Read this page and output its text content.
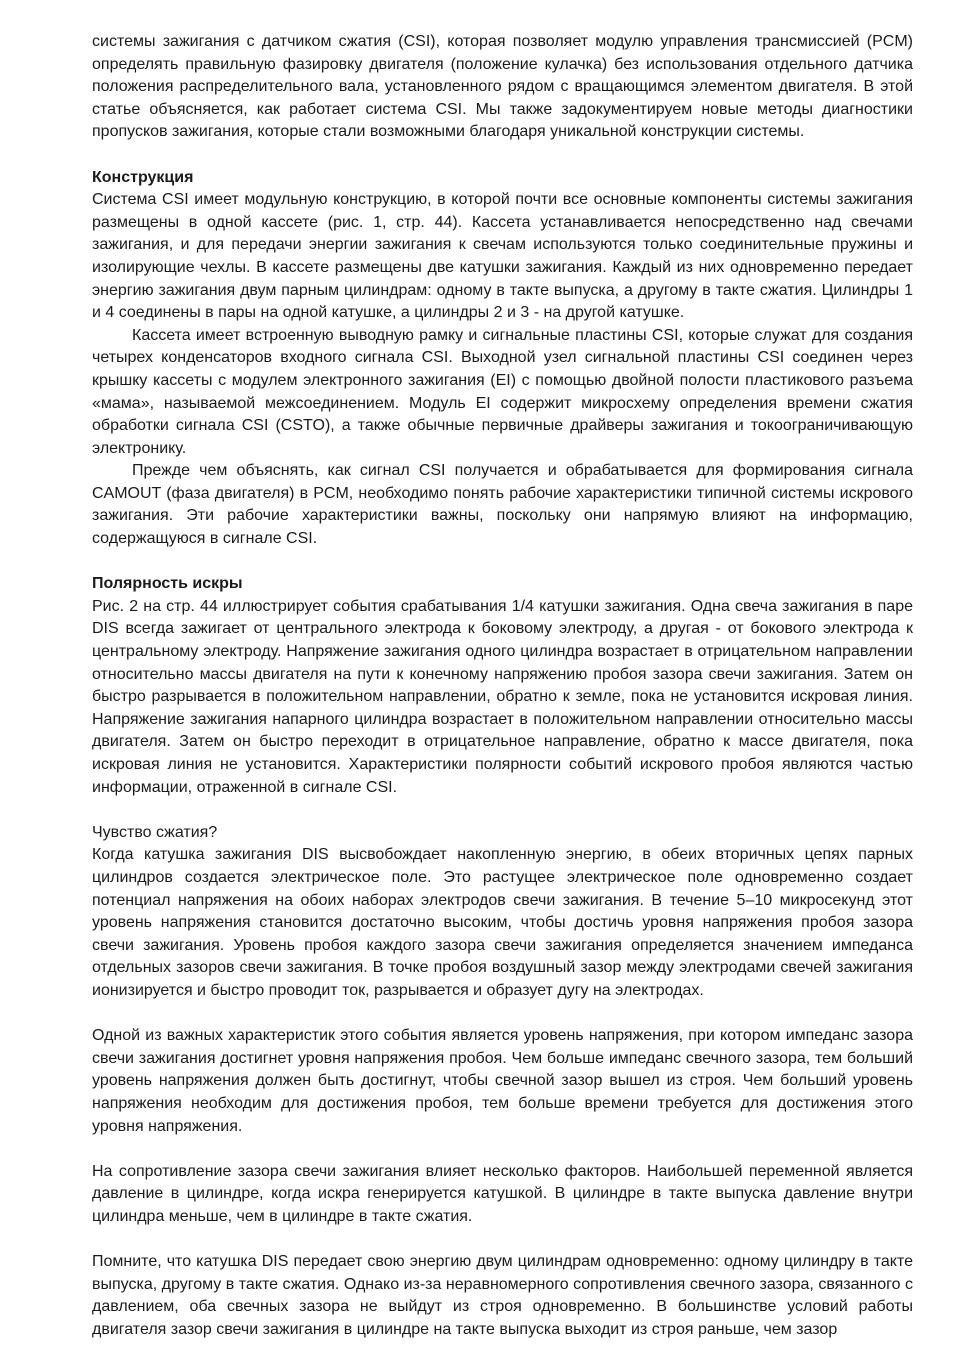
системы зажигания с датчиком сжатия (CSI), которая позволяет модулю управления трансмиссией (PCM) определять правильную фазировку двигателя (положение кулачка) без использования отдельного датчика положения распределительного вала, установленного рядом с вращающимся элементом двигателя. В этой статье объясняется, как работает система CSI. Мы также задокументируем новые методы диагностики пропусков зажигания, которые стали возможными благодаря уникальной конструкции системы.

Конструкция

Система CSI имеет модульную конструкцию, в которой почти все основные компоненты системы зажигания размещены в одной кассете (рис. 1, стр. 44). Кассета устанавливается непосредственно над свечами зажигания, и для передачи энергии зажигания к свечам используются только соединительные пружины и изолирующие чехлы. В кассете размещены две катушки зажигания. Каждый из них одновременно передает энергию зажигания двум парным цилиндрам: одному в такте выпуска, а другому в такте сжатия. Цилиндры 1 и 4 соединены в пары на одной катушке, а цилиндры 2 и 3 - на другой катушке.

Кассета имеет встроенную выводную рамку и сигнальные пластины CSI, которые служат для создания четырех конденсаторов входного сигнала CSI. Выходной узел сигнальной пластины CSI соединен через крышку кассеты с модулем электронного зажигания (EI) с помощью двойной полости пластикового разъема «мама», называемой межсоединением. Модуль EI содержит микросхему определения времени сжатия обработки сигнала CSI (CSTO), а также обычные первичные драйверы зажигания и токоограничивающую электронику.

Прежде чем объяснять, как сигнал CSI получается и обрабатывается для формирования сигнала CAMOUT (фаза двигателя) в PCM, необходимо понять рабочие характеристики типичной системы искрового зажигания. Эти рабочие характеристики важны, поскольку они напрямую влияют на информацию, содержащуюся в сигнале CSI.

Полярность искры

Рис. 2 на стр. 44 иллюстрирует события срабатывания 1/4 катушки зажигания. Одна свеча зажигания в паре DIS всегда зажигает от центрального электрода к боковому электроду, а другая - от бокового электрода к центральному электроду. Напряжение зажигания одного цилиндра возрастает в отрицательном направлении относительно массы двигателя на пути к конечному напряжению пробоя зазора свечи зажигания. Затем он быстро разрывается в положительном направлении, обратно к земле, пока не установится искровая линия. Напряжение зажигания напарного цилиндра возрастает в положительном направлении относительно массы двигателя. Затем он быстро переходит в отрицательное направление, обратно к массе двигателя, пока искровая линия не установится. Характеристики полярности событий искрового пробоя являются частью информации, отраженной в сигнале CSI.

Чувство сжатия?

Когда катушка зажигания DIS высвобождает накопленную энергию, в обеих вторичных цепях парных цилиндров создается электрическое поле. Это растущее электрическое поле одновременно создает потенциал напряжения на обоих наборах электродов свечи зажигания. В течение 5–10 микросекунд этот уровень напряжения становится достаточно высоким, чтобы достичь уровня напряжения пробоя зазора свечи зажигания. Уровень пробоя каждого зазора свечи зажигания определяется значением импеданса отдельных зазоров свечи зажигания. В точке пробоя воздушный зазор между электродами свечей зажигания ионизируется и быстро проводит ток, разрывается и образует дугу на электродах.

Одной из важных характеристик этого события является уровень напряжения, при котором импеданс зазора свечи зажигания достигнет уровня напряжения пробоя. Чем больше импеданс свечного зазора, тем больший уровень напряжения должен быть достигнут, чтобы свечной зазор вышел из строя. Чем больший уровень напряжения необходим для достижения пробоя, тем больше времени требуется для достижения этого уровня напряжения.

На сопротивление зазора свечи зажигания влияет несколько факторов. Наибольшей переменной является давление в цилиндре, когда искра генерируется катушкой. В цилиндре в такте выпуска давление внутри цилиндра меньше, чем в цилиндре в такте сжатия.

Помните, что катушка DIS передает свою энергию двум цилиндрам одновременно: одному цилиндру в такте выпуска, другому в такте сжатия. Однако из-за неравномерного сопротивления свечного зазора, связанного с давлением, оба свечных зазора не выйдут из строя одновременно. В большинстве условий работы двигателя зазор свечи зажигания в цилиндре на такте выпуска выходит из строя раньше, чем зазор
